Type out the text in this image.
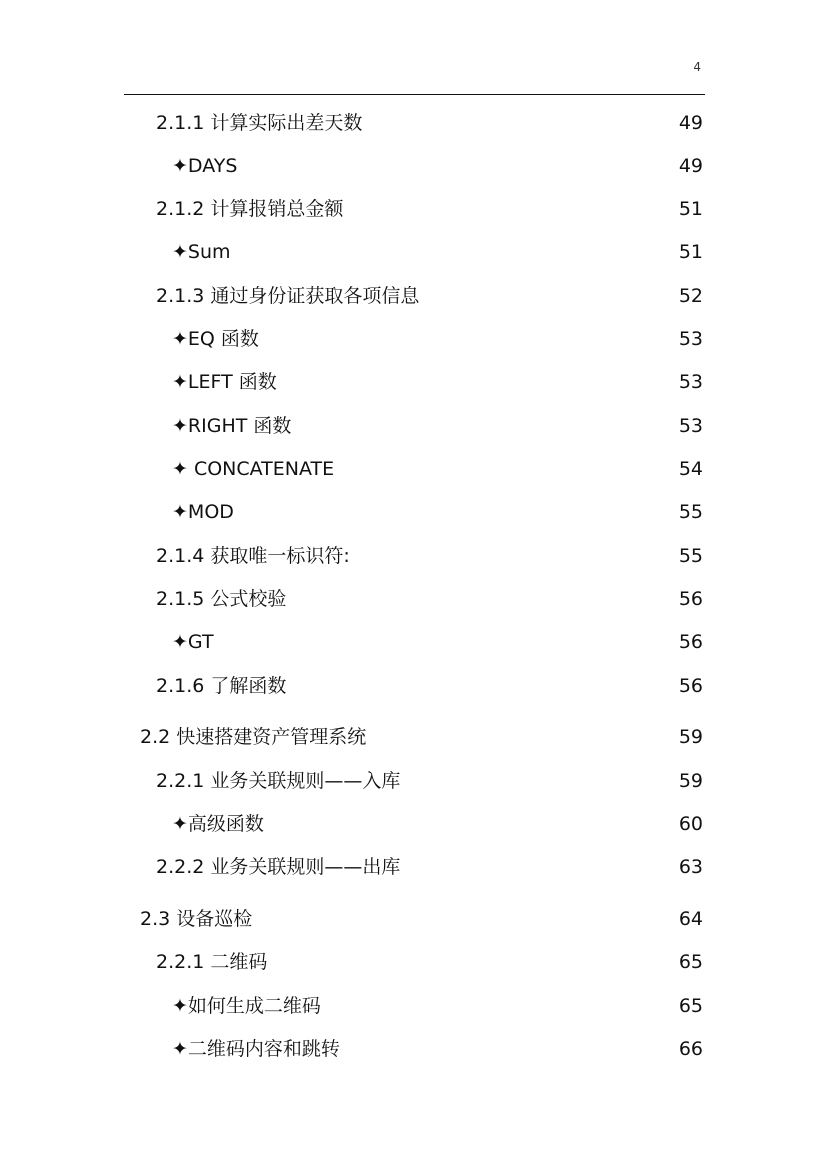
4
2.1.1 计算实际出差天数	49
✦DAYS	49
2.1.2 计算报销总金额	51
✦Sum	51
2.1.3 通过身份证获取各项信息	52
✦EQ 函数	53
✦LEFT 函数	53
✦RIGHT 函数	53
✦ CONCATENATE	54
✦MOD	55
2.1.4 获取唯一标识符:	55
2.1.5 公式校验	56
✦GT	56
2.1.6 了解函数	56
2.2 快速搭建资产管理系统	59
2.2.1 业务关联规则——入库	59
✦高级函数	60
2.2.2 业务关联规则——出库	63
2.3 设备巡检	64
2.2.1 二维码	65
✦如何生成二维码	65
✦二维码内容和跳转	66
